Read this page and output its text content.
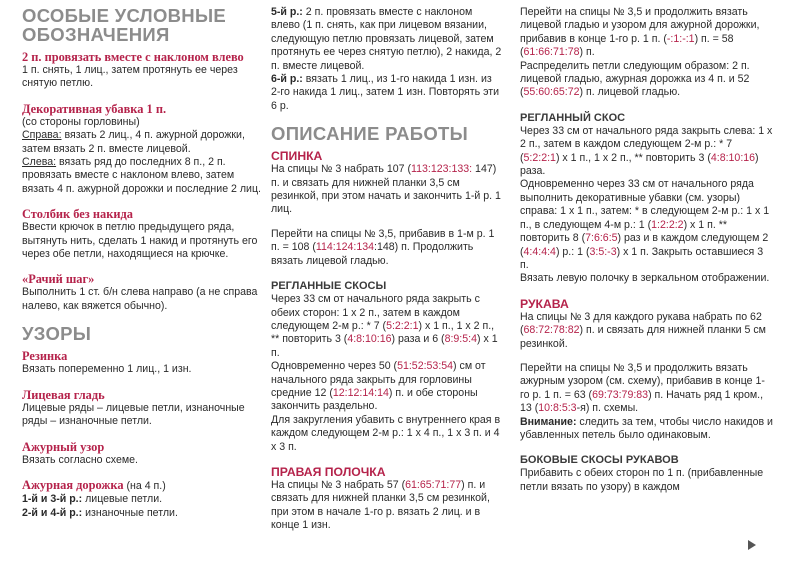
ОСОБЫЕ УСЛОВНЫЕ ОБОЗНАЧЕНИЯ
2 п. провязать вместе с наклоном влево

1 п. снять, 1 лиц., затем протянуть ее через снятую петлю.

Декоративная убавка 1 п.

(со стороны горловины)

Справа: вязать 2 лиц., 4 п. ажурной дорожки, затем вязать 2 п. вместе лицевой.

Слева: вязать ряд до последних 8 п., 2 п. провязать вместе с наклоном влево, затем вязать 4 п. ажурной дорожки и последние 2 лиц.

Столбик без накида

Ввести крючок в петлю предыдущего ряда, вытянуть нить, сделать 1 накид и протянуть его через обе петли, находящиеся на крючке.

«Рачий шаг»

Выполнить 1 ст. б/н слева направо (а не справа налево, как вяжется обычно).

УЗОРЫ
Резинка

Вязать попеременно 1 лиц., 1 изн.

Лицевая гладь

Лицевые ряды – лицевые петли, изнаночные ряды – изнаночные петли.

Ажурный узор

Вязать согласно схеме.

Ажурная дорожка (на 4 п.)

1-й и 3-й р.: лицевые петли.

2-й и 4-й р.: изнаночные петли.

5-й р.: 2 п. провязать вместе с наклоном влево (1 п. снять, как при лицевом вязании, следующую петлю провязать лицевой, затем протянуть ее через снятую петлю), 2 накида, 2 п. вместе лицевой.

6-й р.: вязать 1 лиц., из 1-го накида 1 изн. из 2-го накида 1 лиц., затем 1 изн. Повторять эти 6 р.

ОПИСАНИЕ РАБОТЫ
СПИНКА

На спицы № 3 набрать 107 (113:123:133: 147) п. и связать для нижней планки 3,5 см резинкой, при этом начать и закончить 1-й р. 1 лиц.

Перейти на спицы № 3,5, прибавив в 1-м р. 1 п. = 108 (114:124:134:148) п. Продолжить вязать лицевой гладью.

РЕГЛАННЫЕ СКОСЫ

Через 33 см от начального ряда закрыть с обеих сторон: 1 x 2 п., затем в каждом следующем 2-м р.: * 7 (5:2:2:1) x 1 п., 1 x 2 п., ** повторить 3 (4:8:10:16) раза и 6 (8:9:5:4) x 1 п.

Одновременно через 50 (51:52:53:54) см от начального ряда закрыть для горловины средние 12 (12:12:14:14) п. и обе стороны закончить раздельно.

Для закругления убавить с внутреннего края в каждом следующем 2-м р.: 1 x 4 п., 1 x 3 п. и 4 x 3 п.

ПРАВАЯ ПОЛОЧКА

На спицы № 3 набрать 57 (61:65:71:77) п. и связать для нижней планки 3,5 см резинкой, при этом в начале 1-го р. вязать 2 лиц. и в конце 1 изн.

Перейти на спицы № 3,5 и продолжить вязать лицевой гладью и узором для ажурной дорожки, прибавив в конце 1-го р. 1 п. (-:1:-:1) п. = 58 (61:66:71:78) п.

Распределить петли следующим образом: 2 п. лицевой гладью, ажурная дорожка из 4 п. и 52 (55:60:65:72) п. лицевой гладью.

РЕГЛАННЫЙ СКОС

Через 33 см от начального ряда закрыть слева: 1 x 2 п., затем в каждом следующем 2-м р.: * 7 (5:2:2:1) x 1 п., 1 x 2 п., ** повторить 3 (4:8:10:16) раза.

Одновременно через 33 см от начального ряда выполнить декоративные убавки (см. узоры) справа: 1 x 1 п., затем: * в следующем 2-м р.: 1 x 1 п., в следующем 4-м р.: 1 (1:2:2:2) x 1 п. ** повторить 8 (7:6:6:5) раз и в каждом следующем 2 (4:4:4:4) р.: 1 (3:5:-3) x 1 п. Закрыть оставшиеся 3 п.

Вязать левую полочку в зеркальном отображении.

РУКАВА

На спицы № 3 для каждого рукава набрать по 62 (68:72:78:82) п. и связать для нижней планки 5 см резинкой.

Перейти на спицы № 3,5 и продолжить вязать ажурным узором (см. схему), прибавив в конце 1-го р. 1 п. = 63 (69:73:79:83) п. Начать ряд 1 кром., 13 (10:8:5:3-я) п. схемы.

Внимание: следить за тем, чтобы число накидов и убавленных петель было одинаковым.

БОКОВЫЕ СКОСЫ РУКАВОВ

Прибавить с обеих сторон по 1 п. (прибавленные петли вязать по узору) в каждом
